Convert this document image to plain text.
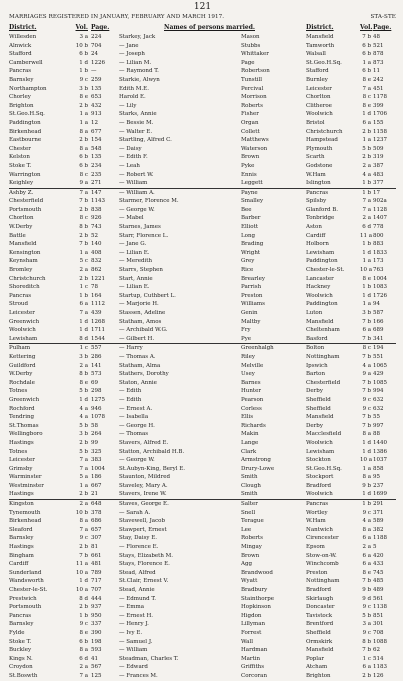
121
MARRIAGES REGISTERED IN JANUARY, FEBRUARY AND MARCH 1917.	STA-STE
District.	Vol. Page.	Names of persons married.	District.	Vol. Page.
Willesden	3 a 224	Starkey, Jack	Mason	Mansfield	7 b 48
Alnwick	10 b 704	— Jane	Stubbs	Tamworth	6 b 521
Stafford	6 b 24	— Joseph	Whittaker	Walsall	6 b 878
Camberwell	1 d 1226	— Lilian M.	Page	St.Geo.H.Sq.	1 a 873
Pancras	1 b —	— Raymond T.	Robertson	Stafford	6 b 11
Barnsley	9 c 259	Starkie, Alwyn	Tunstill	Burnley	8 e 242
Northampton	3 b 135	Edith M.E.	Percival	Leicester	7 a 451
Chorley	8 e 653	Harold E.	Morrison	Chorlton	8 c 1178
Brighton	2 b 432	— Lily	Roberts	Clitheroe	8 e 399
St.Geo.H.Sq.	1 a 913	Starks, Annie	Fisher	Woolwich	1 d 1706
Paddington	1 a 12	— Bessie M.	Organ	Bristol	6 a 155
Birkenhead	8 a 677	— Walter E.	Collett	Christchurch	2 b 1158
Eastbourne	2 b 154	Startling, Alfred C.	Matthews	Hampstead	1 a 1237
Chester	8 a 548	— Daisy	Waterson	Plymouth	5 b 509
Kelston	6 b 135	— Edith F.	Brown	Scarth	2 b 319
Stoke T.	6 b 234	— Leah	Pyke	Godstone	2 a 387
Warrington	8 c 235	— Robert W.	Ennis	W.Ham	4 a 483
Keighley	9 a 271	— William	Leggett	Islington	1 b 377
Ashby Z.	7 a 147	— William A.	Payne	Pancras	1 b 17
Chesterfield	7 b 1143	Starmer, Florence M.	Smalley	Spilsby	7 a 902a
Portsmouth	2 b 838	— George W.	Bee	Glanford B.	7 a 1128
Chorlton	8 c 926	— Mabel	Barber	Tonbridge	2 a 1407
W.Derby	8 b 743	Starnes, James	Elliott	Aston	6 d 778
Battle	2 b 52	Starr, Florence L.	Long	Cardiff	11 a 800
Mansfield	7 b 140	— Jane G.	Brading	Holborn	1 b 883
Kensington	1 a 408	— Lilian E.	Wright	Lewisham	1 d 1833
Keynsham	5 c 832	— Meredith	Grey	Paddington	1 a 173
Bromley	2 a 862	Starrs, Stephen	Rice	Chester-le-St.	10 a 763
Christchurch	2 b 1221	Start, Annie	Brearley	Lancaster	8 e 1004
Shoreditch	1 c 78	— Lilian E.	Parrish	Hackney	1 b 1083
Pancras	1 b 164	Startup, Cuthbert L.	Preston	Woolwich	1 d 1726
Stroud	6 a 1112	— Marjorie H.	Williams	Paddington	1 a 94
Leicester	7 a 439	Stassen, Adeline	Genin	Luton	3 b 587
Greenwich	1 d 1268	Statham, Amos	Maltby	Mansfield	7 b 166
Woolwich	1 d 1711	— Archibald W.G.	Fry	Cheltenham	6 a 689
Lewisham	8 d 1544	— Gilbert H.	Pye	Basford	7 b 341
Pulham	1 c 557	— Harry	Greenhalgh	Bolton	8 c 194
Kettering	3 b 286	— Thomas A.	Riley	Nottingham	7 b 551
Guildford	2 a 141	Statham, Alma	Melville	Ipswich	4 a 1065
W.Derby	8 b 573	Stathers, Dorothy	Usey	Barton	9 a 429
Rochdale	8 e 69	Staton, Annie	Barnes	Chesterfield	7 b 1085
Totnes	5 b 298	— Edith	Hunter	Derby	7 b 994
Greenwich	1 d 1275	— Edith	Pearson	Sheffield	9 c 632
Rochford	4 a 946	— Ernest A.	Corless	Sheffield	9 c 632
Tendring	4 a 1078	— Isabella	Ellis	Mansfield	7 b 55
St.Thomas	5 b 58	— George H.	Richards	Derby	7 b 997
Wellingboro	3 b 264	— Thomas	Makin	Macclesfield	8 a 88
Hastings	2 b 99	Stavers, Alfred E.	Lange	Woolwich	1 d 1440
Totnes	5 b 325	Statton, Archibald H.B.	Clark	Lewisham	1 d 1386
Leicester	7 a 383	— George W.	Armstrong	Stockton	10 a 1037
Grimsby	7 a 1004	St.Aubyn-King, Beryl E.	Drury-Lowe	St.Geo.H.Sq.	1 a 858
Warminster	5 a 186	Staunton, Mildred	Smith	Stockport	8 a 95
Westminster	1 a 667	Staveley, Mary A.	Clough	Bradford	9 b 237
Hastings	2 b 21	Stavers, Irene W.	Smith	Woolwich	1 d 1699
Kingston	2 a 648	Staves, George E.	Salter	Pancras	1 b 291
Tynemouth	10 b 378	— Sarah A.	Snell	Wortley	9 c 371
Birkenhead	8 a 686	Stavewell, Jacob	Terague	W.Ham	4 a 589
Sleaford	7 a 657	Stawpert, Ernest	Lee	Nantwich	8 a 382
Barnsley	9 c 307	Stay, Daisy E.	Roberts	Cirencester	6 a 1188
Hastings	2 b 81	— Florence E.	Mingay	Epsom	2 a 5
Bingham	7 b 661	Stays, Elizabeth M.	Brown	Stow-on-W.	6 a 420
Cardiff	11 a 481	Stays, Florence E.	Agg	Winchcomb	6 a 433
Sunderland	10 a 789	Stead, Alfred	Brandwood	Preston	8 e 745
Wandsworth	1 d 717	St.Clair, Ernest V.	Wyatt	Nottingham	7 b 485
Chester-le-St.	10 a 707	Stead, Annie	Bradbury	Bradford	9 b 489
Prestwich	8 d 444	— Edmund T.	Stainthorpe	Skirlaugh	9 d 561
Portsmouth	2 b 937	— Emma	Hopkinson	Doncaster	9 c 1138
Pancras	1 b 950	— Ernest H.	Higdon	Tavistock	5 b 851
Barnsley	9 c 337	— Henry J.	Lillyman	Brentford	3 a 301
Fylde	8 e 390	— Ivy E.	Forrest	Sheffield	9 c 708
Stoke T.	6 b 198	— Samuel J.	Wall	Ormskirk	8 b 1088
Buckley	8 a 593	— William	Hardman	Mansfield	7 b 62
Kings N.	6 d 41	Steadman, Charles T.	Martin	Poplar	1 c 514
Croydon	2 a 567	— Edward	Griffiths	Atcham	6 a 1183
St.Boswth	7 a 125	— Frances M.	Corcoran	Brighton	2 b 126
